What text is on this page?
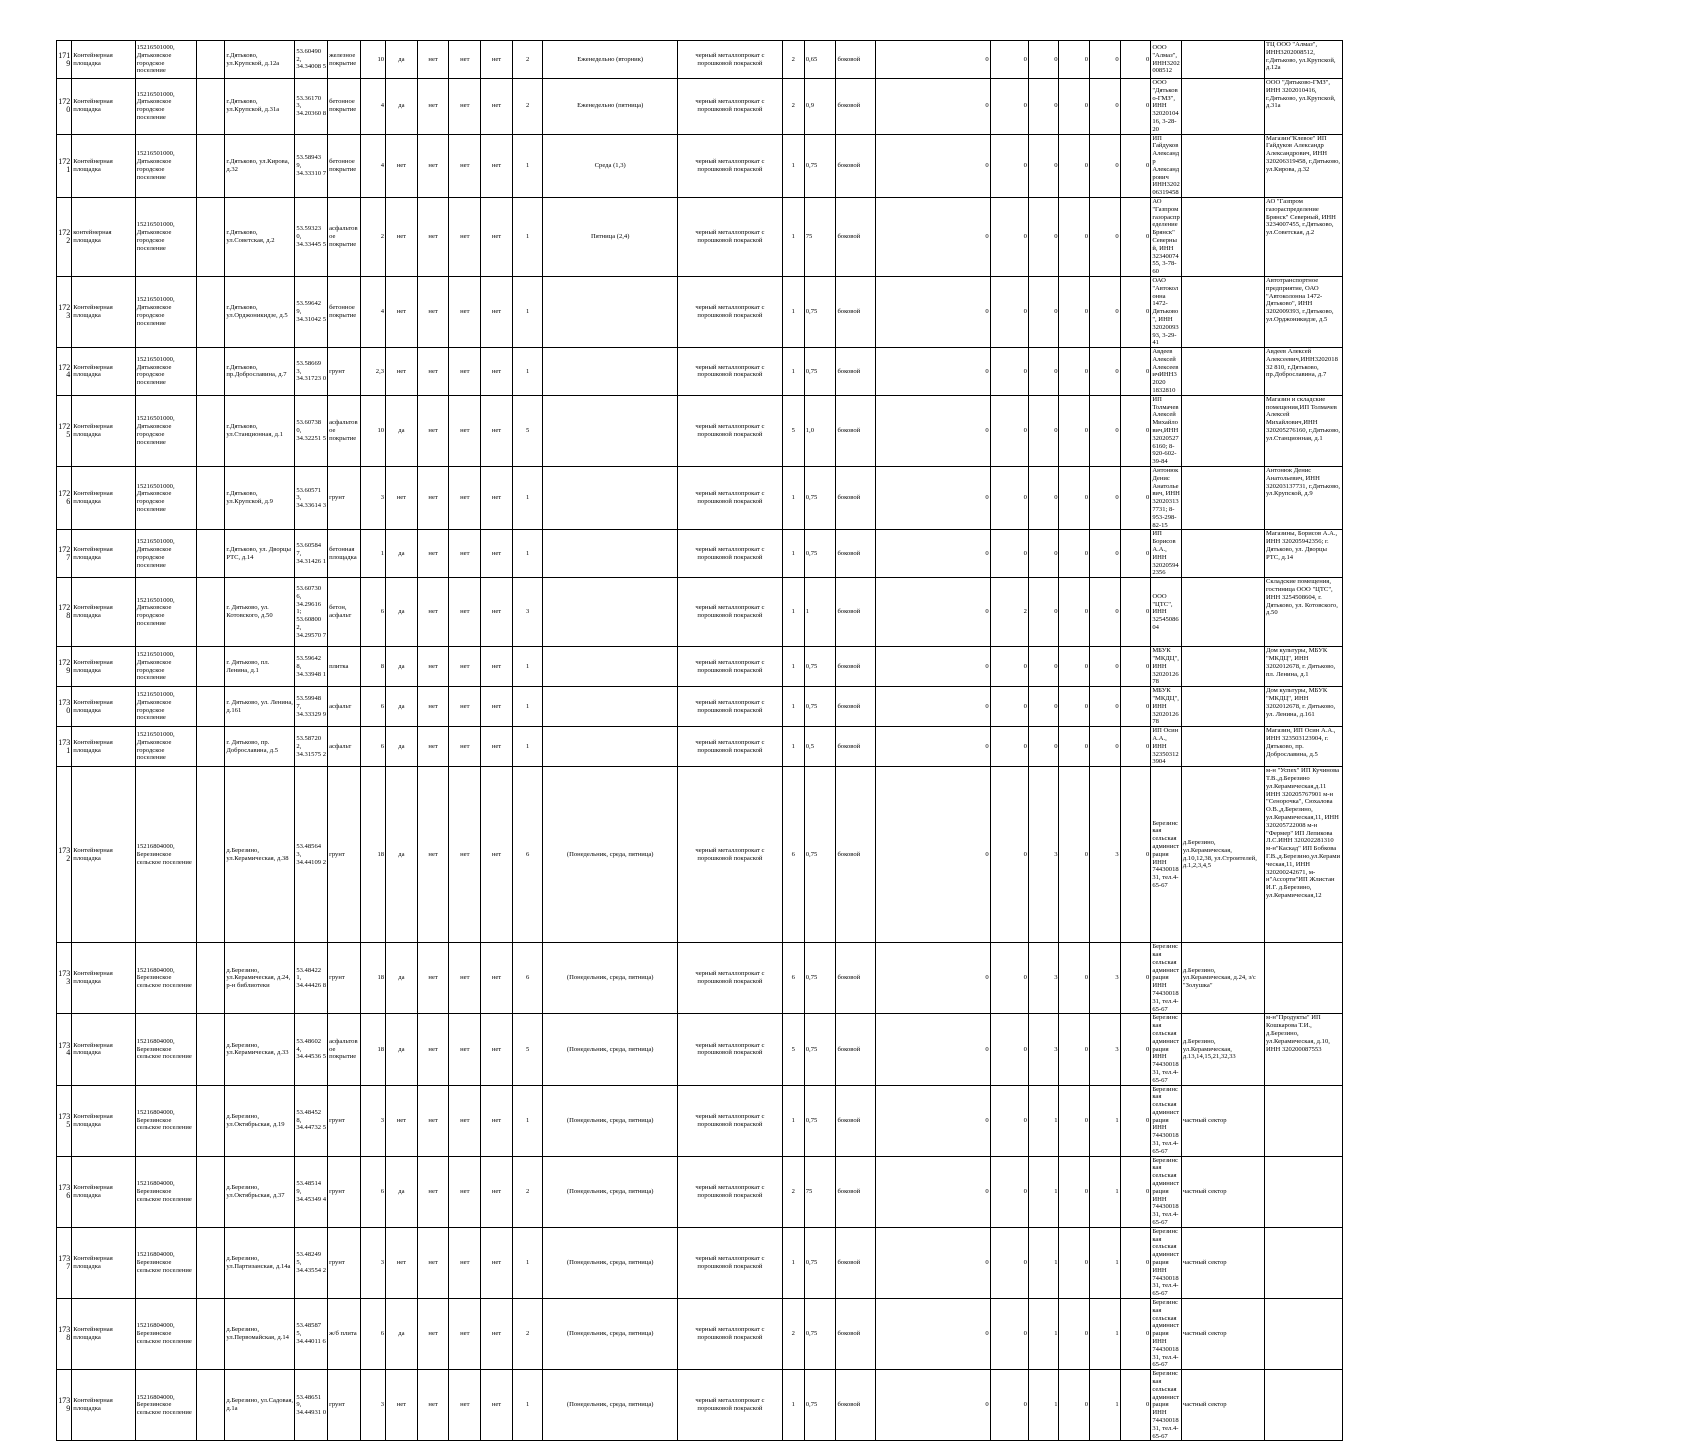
1719	Контейнерная площадка	15216501000, Дятьковское городское поселение		г.Дятьково, ул.Крупской, д.12а	53.60490 2, 34.34008 5	железное покрытие	10	да	нет	нет	нет	2	Еженедельно (вторник)	черный металлопрокат с порошковой покраской	2	0,65	боковой	0	0	0	0	0	0	ООО "Алмаз", ИНН3202008512		ТЦ ООО "Алмаз", ИНН3202008512, г.Дятьково, ул.Крупской, д.12а
1720	Контейнерная площадка	15216501000, Дятьковское городское поселение		г.Дятьково, ул.Крупской, д.31а	53.36170 3, 34.20360 8	бетонное покрытие	4	да	нет	нет	нет	2	Еженедельно (пятница)	черный металлопрокат с порошковой покраской	2	0,9	боковой	0	0	0	0	0	0	ООО "Дятьково-ГМЗ", ИНН 3202010416, 3-28-20		ООО "Дятьково-ГМЗ", ИНН 3202010416, г.Дятьково, ул.Крупской, д.31а
1721	Контейнерная площадка	15216501000, Дятьковское городское поселение		г.Дятьково, ул.Кирова, д.32	53.58943 9, 34.33310 7	бетонное покрытие	4	нет	нет	нет	нет	1	Среда (1,3)	черный металлопрокат с порошковой покраской	1	0,75	боковой	0	0	0	0	0	0	ИП Гайдуков Александр Александрович ИНН320206319458		Магазин"Клевое" ИП Гайдуков Александр Александрович, ИНН 320206319458, г.Дятьково, ул.Кирова, д.32
1722	контейнерная площадка	15216501000, Дятьковское городское поселение		г.Дятьково, ул.Советская, д.2	53.59323 0, 34.33445 5	асфальтовое покрытие	2	нет	нет	нет	нет	1	Пятница (2,4)	черный металлопрокат с порошковой покраской	1	75	боковой	0	0	0	0	0	0	АО "Газпром газораспределение Брянск" Северный, ИНН 3234007455, 3-78-60		АО "Газпром газораспределение Брянск" Северный, ИНН 3234007455, г.Дятьково, ул.Советская, д.2
1723	Контейнерная площадка	15216501000, Дятьковское городское поселение		г.Дятьково, ул.Орджоникидзе, д.5	53.59642 9, 34.31042 5	бетонное покрытие	4	нет	нет	нет	нет	1		черный металлопрокат с порошковой покраской	1	0,75	боковой	0	0	0	0	0	0	ОАО "Автоколонна 1472-Дятьково", ИНН 3202009393, 3-29-41		Автотранспортное предприятие, ОАО "Автоколонна 1472-Дятьково", ИНН 3202009393, г.Дятьково, ул.Орджоникидзе, д.5
1724	Контейнерная площадка	15216501000, Дятьковское городское поселение		г.Дятьково, пр.Доброславина, д.7	53.58669 3, 34.31723 0	грунт	2,3	нет	нет	нет	нет	1		черный металлопрокат с порошковой покраской	1	0,75	боковой	0	0	0	0	0	0	Авдеев Алексей АлексеевичИНН32020 1832810		Авдеев Алексей Алексеевич,ИНН320201832 810, г.Дятьково, пр.Доброславина, д.7
1725	Контейнерная площадка	15216501000, Дятьковское городское поселение		г.Дятьково, ул.Станционная, д.1	53.60738 0, 34.32251 5	асфальтовое покрытие	10	да	нет	нет	нет	5		черный металлопрокат с порошковой покраской	5	1,0	боковой	0	0	0	0	0	0	ИП Толмачев Алексей Михайлович,ИНН 320205276160; 8-920-602-39-84		Магазин и складские помещения,ИП Толмачев Алексей Михайлович,ИНН 320205276160, г.Дятьково, ул.Станционная, д.1
1726	Контейнерная площадка	15216501000, Дятьковское городское поселение		г.Дятьково, ул.Крупской, д.9	53.60571 3, 34.33614 3	грунт	3	нет	нет	нет	нет	1		черный металлопрокат с порошковой покраской	1	0,75	боковой	0	0	0	0	0	0	Антонюк Денис Анатольевич, ИНН 320203137731; 8-953-298-82-15		Антонюк Денис Анатольевич, ИНН 320203137731, г.Дятьково, ул.Крупской, д.9
1727	Контейнерная площадка	15216501000, Дятьковское городское поселение		г.Дятьково, ул. Дворцы РТС, д.14	53.60584 7, 34.31426 1	бетонная площадка	1	да	нет	нет	нет	1		черный металлопрокат с порошковой покраской	1	0,75	боковой	0	0	0	0	0	0	ИП Борисов А.А., ИНН 320205942356		Магазины, Борисов А.А., ИНН 320205942356; г. Дятьково, ул. Дворцы РТС, д.14
1728	Контейнерная площадка	15216501000, Дятьковское городское поселение		г. Дятьково, ул. Котовского, д.50	53.60730 6, 34.29616 1; 53.60800 2, 34.29570 7	бетон, асфальт	6	да	нет	нет	нет	3		черный металлопрокат с порошковой покраской	1	1	боковой	0	2	0	0	0	0	ООО "ЦТС", ИНН 3254508604		Складские помещения, гостиница ООО "ЦТС", ИНН 3254508604, г. Дятьково, ул. Котовского, д.50
1729	Контейнерная площадка	15216501000, Дятьковское городское поселение		г. Дятьково, пл. Ленина, д.1	53.59642 8, 34.33948 1	плитка	8	да	нет	нет	нет	1		черный металлопрокат с порошковой покраской	1	0,75	боковой	0	0	0	0	0	0	МБУК "МКДЦ", ИНН 3202012678		Дом культуры, МБУК "МКДЦ", ИНН 3202012678, г. Дятьково, пл. Ленина, д.1
1730	Контейнерная площадка	15216501000, Дятьковское городское поселение		г. Дятьково, ул. Ленина, д.161	53.59948 7, 34.33329 9	асфальт	6	да	нет	нет	нет	1		черный металлопрокат с порошковой покраской	1	0,75	боковой	0	0	0	0	0	0	МБУК "МКДЦ", ИНН 3202012678		Дом культуры, МБУК "МКДЦ", ИНН 3202012678, г. Дятьково, ул. Ленина, д.161
1731	Контейнерная площадка	15216501000, Дятьковское городское поселение		г. Дятьково, пр. Доброславина, д.5	53.58720 2, 34.31575 2	асфальт	6	да	нет	нет	нет	1		черный металлопрокат с порошковой покраской	1	0,5	боковой	0	0	0	0	0	0	ИП Осин А.А., ИНН 323503123904		Магазин, ИП Осин А.А., ИНН 323503123904, г. Дятьково, пр. Доброславина, д.5
1732	Контейнерная площадка	15216804000, Березинское сельское поселение		д.Березино, ул.Керамическая, д.38	53.48564 3, 34.44109 2	грунт	18	да	нет	нет	нет	6	(Понедельник, среда, пятница)	черный металлопрокат с порошковой покраской	6	0,75	боковой	0	0	3	0	3	0	Березинская сельская администрация ИНН 7443001831, тел.4-65-67	д.Березино, ул.Керамическая, д.10,12,38, ул.Строителей, д.1,2,3,4,5	м-н "Успех" ИП Кучинова Т.В.,д.Березино ул.Керамическая,д.11 ИНН 320205767901 м-н "Сенорочка", Сюхалова О.В.,д.Березино, ул.Керамическая,11, ИНН 320205722008 м-н "Фермер" ИП Лепикова Л.С.ИНН 320202281310 м-н"Каскад" ИП Бобкова Г.В.,д.Березино,ул.Керамическая,11, ИНН 320200242671, м-н"Ассорти"ИП Жлистан И.Г. д.Березино, ул.Керамическая,12
1733	Контейнерная площадка	15216804000, Березинское сельское поселение		д.Березино, ул.Керамическая, д.24, р-н библиотеки	53.48422 1, 34.44426 8	грунт	18	да	нет	нет	нет	6	(Понедельник, среда, пятница)	черный металлопрокат с порошковой покраской	6	0,75	боковой	0	0	3	0	3	0	Березинская сельская администрация ИНН 7443001831, тел.4-65-67	д.Березино, ул.Керамическая, д.24, з/с "Золушка"	
1734	Контейнерная площадка	15216804000, Березинское сельское поселение		д.Березино, ул.Керамическая, д.33	53.48602 4, 34.44536 5	асфальтовое покрытие	18	да	нет	нет	нет	5	(Понедельник, среда, пятница)	черный металлопрокат с порошковой покраской	5	0,75	боковой	0	0	3	0	3	0	Березинская сельская администрация ИНН 7443001831, тел.4-65-67	д.Березино, ул.Керамическая, д.13,14,15,21,32,33	м-н"Продукты" ИП Кошкарова Т.И., д.Березино, ул.Керамическая, д.10, ИНН 320200087553
1735	Контейнерная площадка	15216804000, Березинское сельское поселение		д.Березино, ул.Октябрьская, д.19	53.48452 8, 34.44732 5	грунт	3	нет	нет	нет	нет	1	(Понедельник, среда, пятница)	черный металлопрокат с порошковой покраской	1	0,75	боковой	0	0	1	0	1	0	Березинская сельская администрация ИНН 7443001831, тел.4-65-67	частный сектор	
1736	Контейнерная площадка	15216804000, Березинское сельское поселение		д.Березино, ул.Октябрьская, д.37	53.48514 9, 34.45349 4	грунт	6	да	нет	нет	нет	2	(Понедельник, среда, пятница)	черный металлопрокат с порошковой покраской	2	75	боковой	0	0	1	0	1	0	Березинская сельская администрация ИНН 7443001831, тел.4-65-67	частный сектор	
1737	Контейнерная площадка	15216804000, Березинское сельское поселение		д.Березино, ул.Партизанская, д.14а	53.48249 5, 34.43554 2	грунт	3	нет	нет	нет	нет	1	(Понедельник, среда, пятница)	черный металлопрокат с порошковой покраской	1	0,75	боковой	0	0	1	0	1	0	Березинская сельская администрация ИНН 7443001831, тел.4-65-67	частный сектор	
1738	Контейнерная площадка	15216804000, Березинское сельское поселение		д.Березино, ул.Первомайская, д.14	53.48587 5, 34.44011 6	ж/б плита	6	да	нет	нет	нет	2	(Понедельник, среда, пятница)	черный металлопрокат с порошковой покраской	2	0,75	боковой	0	0	1	0	1	0	Березинская сельская администрация ИНН 7443001831, тел.4-65-67	частный сектор	
1739	Контейнерная площадка	15216804000, Березинское сельское поселение		д.Березино, ул.Садовая, д.1а	53.48651 9, 34.44931 0	грунт	3	нет	нет	нет	нет	1	(Понедельник, среда, пятница)	черный металлопрокат с порошковой покраской	1	0,75	боковой	0	0	1	0	1	0	Березинская сельская администрация ИНН 7443001831, тел.4-65-67	частный сектор	
